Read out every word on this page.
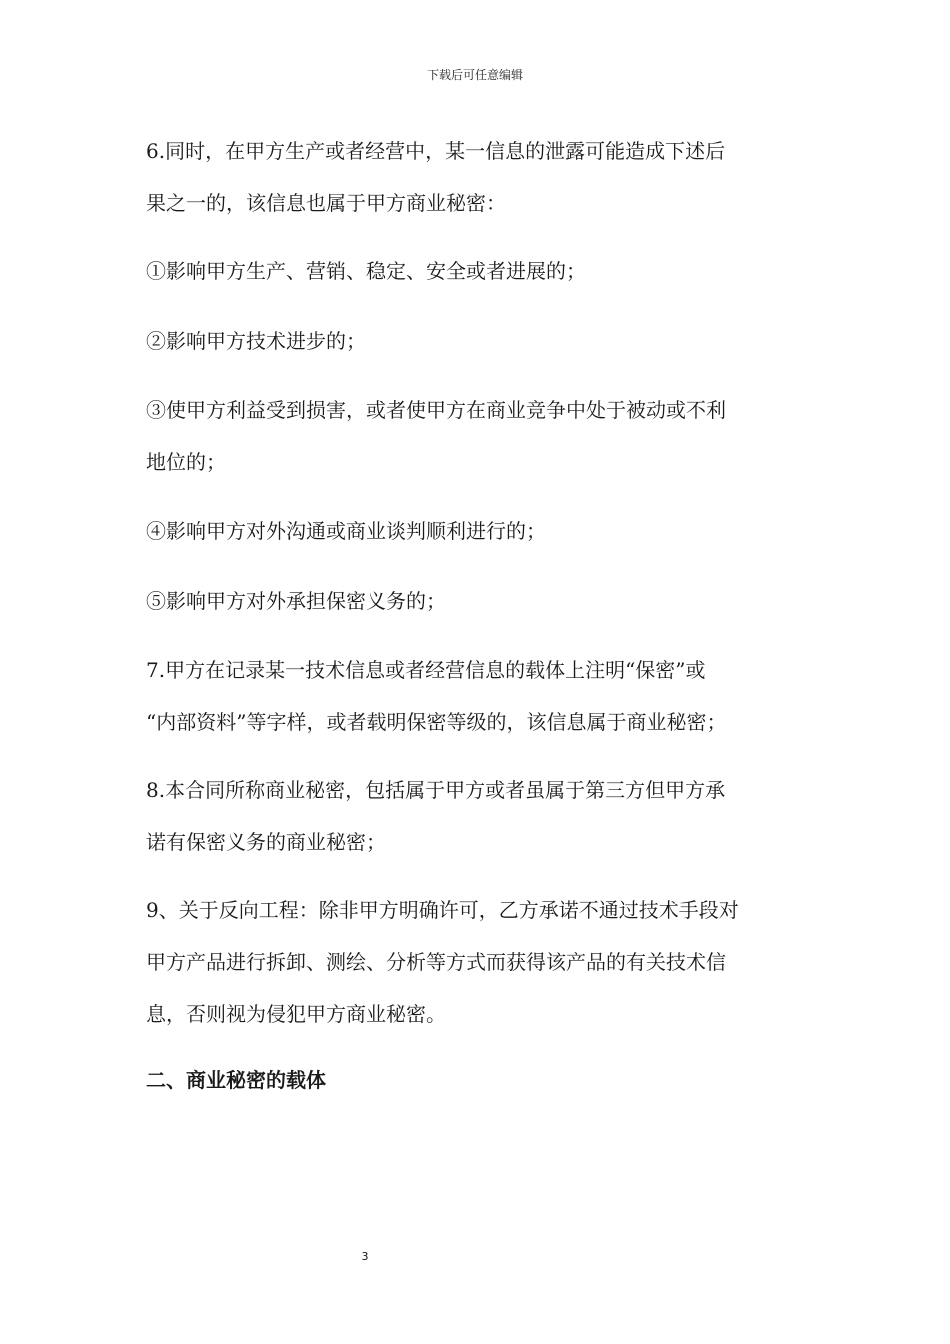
下载后可任意编辑
6.同时，在甲方生产或者经营中，某一信息的泄露可能造成下述后
果之一的，该信息也属于甲方商业秘密：
①影响甲方生产、营销、稳定、安全或者进展的；
②影响甲方技术进步的；
③使甲方利益受到损害，或者使甲方在商业竞争中处于被动或不利
地位的；
④影响甲方对外沟通或商业谈判顺利进行的；
⑤影响甲方对外承担保密义务的；
7.甲方在记录某一技术信息或者经营信息的载体上注明“保密”或
“内部资料”等字样，或者载明保密等级的，该信息属于商业秘密；
8.本合同所称商业秘密，包括属于甲方或者虽属于第三方但甲方承
诺有保密义务的商业秘密；
9、关于反向工程：除非甲方明确许可，乙方承诺不通过技术手段对
甲方产品进行拆卸、测绘、分析等方式而获得该产品的有关技术信
息，否则视为侵犯甲方商业秘密。
二、商业秘密的载体
3
